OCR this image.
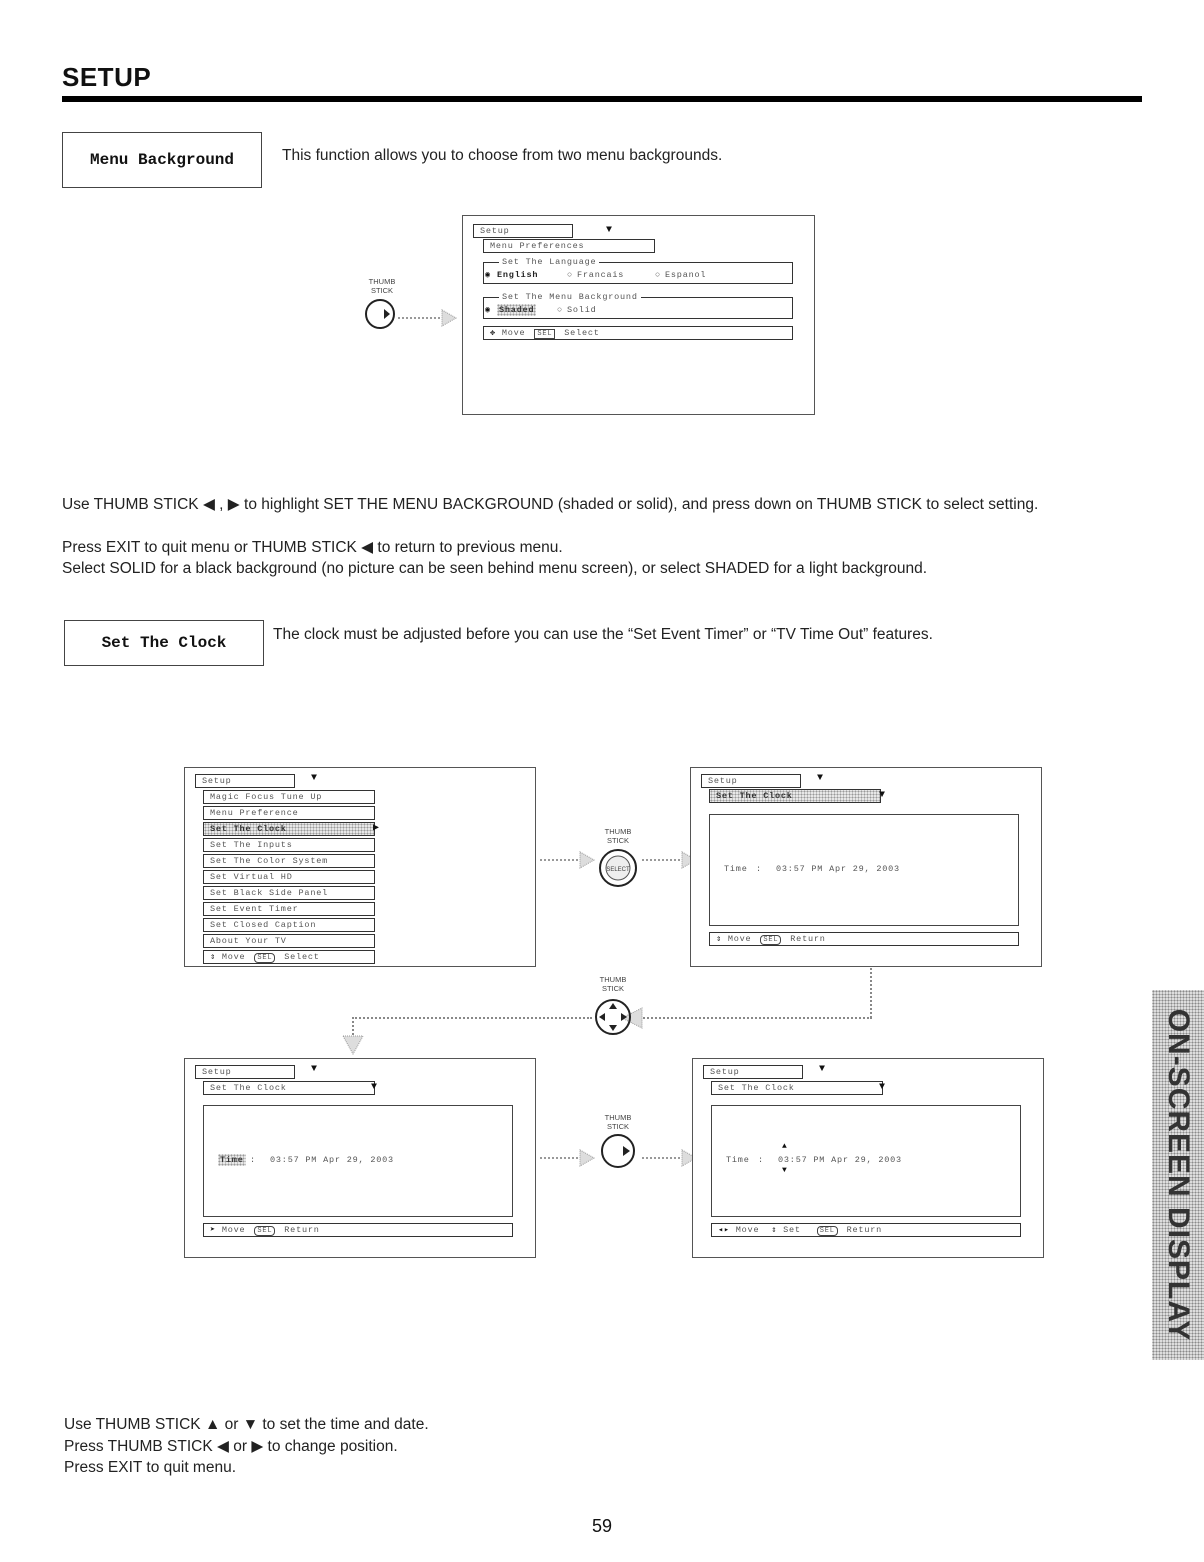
SETUP
Menu Background	This function allows you to choose from two menu backgrounds.
THUMB
STICK
Setup	▼
Menu Preferences
Set The Language
◉ English	○ Francais	○ Espanol
Set The Menu Background
◉ Shaded	○ Solid
✥ Move SEL Select
Use THUMB STICK ◀ , ▶ to highlight SET THE MENU BACKGROUND (shaded or solid), and press down on THUMB STICK to select setting.
Press EXIT to quit menu or THUMB STICK ◀ to return to previous menu.
Select SOLID for a black background (no picture can be seen behind menu screen), or select SHADED for a light background.
Set The Clock	The clock must be adjusted before you can use the “Set Event Timer” or “TV Time Out” features.
Setup	▼
Magic Focus Tune Up
Menu Preference
Set The Clock	▶
Set The Inputs
Set The Color System
Set Virtual HD
Set Black Side Panel
Set Event Timer
Set Closed Caption
About Your TV
⇕ Move SEL Select
THUMB
STICK
SELECT
Setup	▼
Set The Clock	▼
Time : 03:57 PM Apr 29, 2003
⇕ Move SEL Return
THUMB
STICK
Setup	▼
Set The Clock	▼
Time : 03:57 PM Apr 29, 2003
➤ Move SEL Return
THUMB
STICK
Setup	▼
Set The Clock	▼
Time :
▲
03:57 PM Apr 29, 2003
▼
◂▸ Move ⇕ Set	SEL Return
Use THUMB STICK ▲ or ▼ to set the time and date.
Press THUMB STICK ◀ or ▶ to change position.
Press EXIT to quit menu.
ON-SCREEN DISPLAY
59
